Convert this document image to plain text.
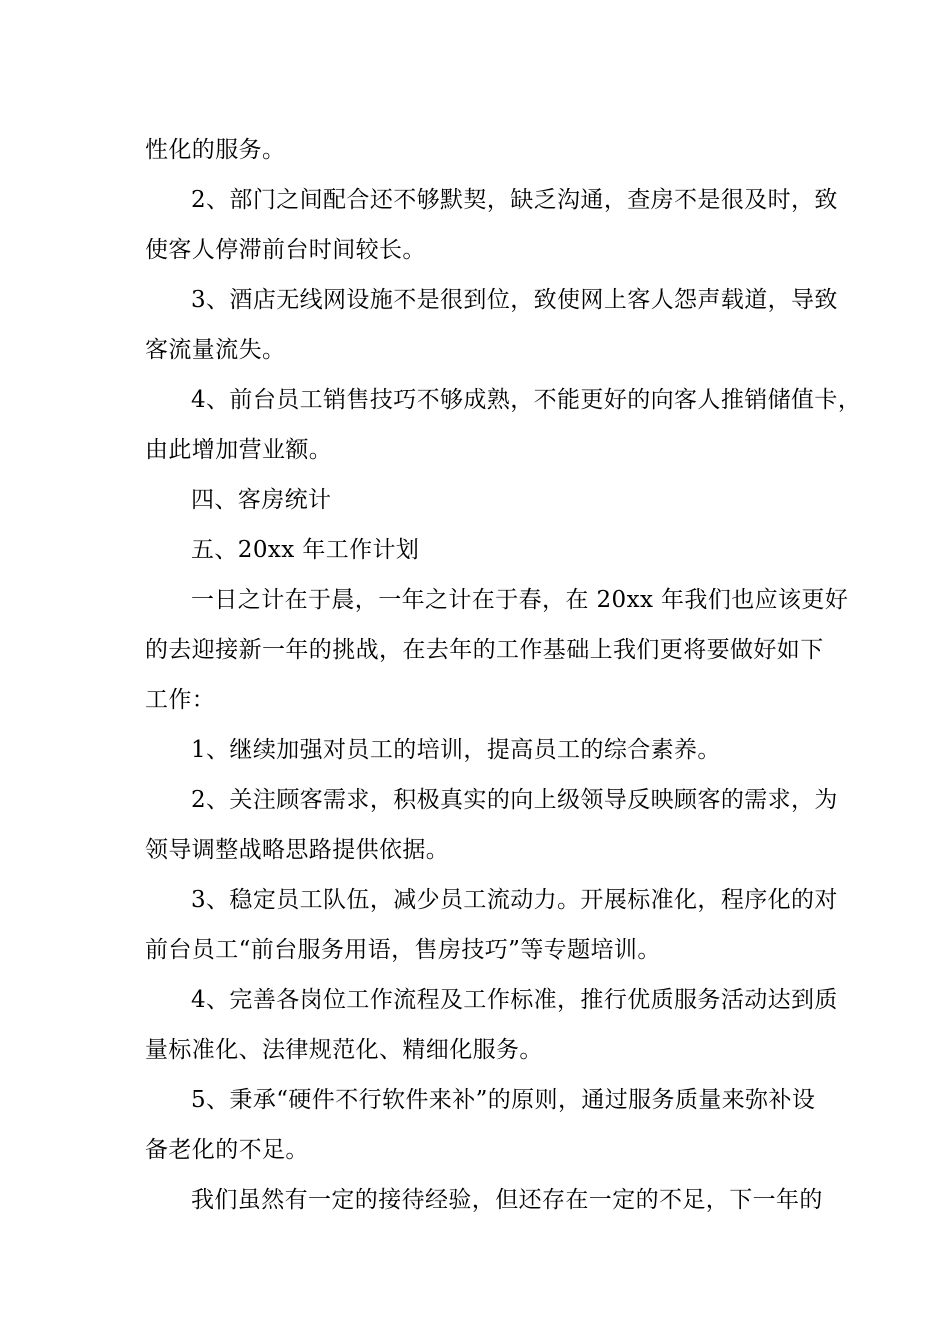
性化的服务。
2、部门之间配合还不够默契，缺乏沟通，查房不是很及时，致
使客人停滞前台时间较长。
3、酒店无线网设施不是很到位，致使网上客人怨声载道，导致
客流量流失。
4、前台员工销售技巧不够成熟，不能更好的向客人推销储值卡，
由此增加营业额。
四、客房统计
五、20xx 年工作计划
一日之计在于晨，一年之计在于春，在 20xx 年我们也应该更好
的去迎接新一年的挑战，在去年的工作基础上我们更将要做好如下
工作：
1、继续加强对员工的培训，提高员工的综合素养。
2、关注顾客需求，积极真实的向上级领导反映顾客的需求，为
领导调整战略思路提供依据。
3、稳定员工队伍，减少员工流动力。开展标准化，程序化的对
前台员工“前台服务用语，售房技巧”等专题培训。
4、完善各岗位工作流程及工作标准，推行优质服务活动达到质
量标准化、法律规范化、精细化服务。
5、秉承“硬件不行软件来补”的原则，通过服务质量来弥补设
备老化的不足。
我们虽然有一定的接待经验，但还存在一定的不足，下一年的
